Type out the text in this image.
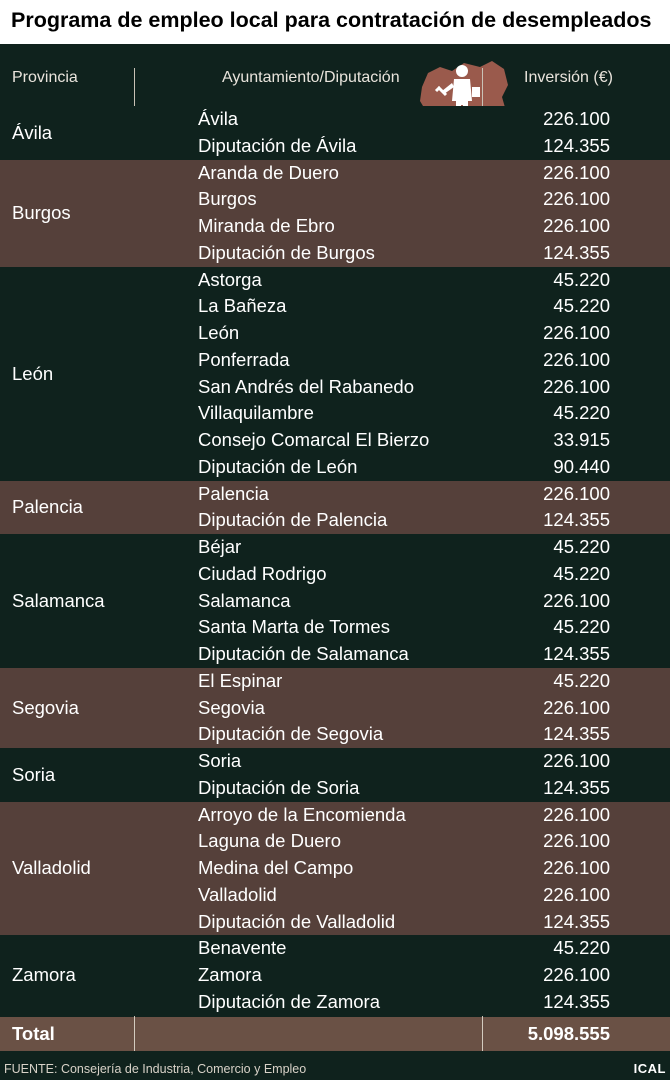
Programa de empleo local para contratación de desempleados
Provincia	Ayuntamiento/Diputación	Inversión (€)
Ávila
Ávila	226.100
Diputación de Ávila	124.355
Burgos
Aranda de Duero	226.100
Burgos	226.100
Miranda de Ebro	226.100
Diputación de Burgos	124.355
León
Astorga	45.220
La Bañeza	45.220
León	226.100
Ponferrada	226.100
San Andrés del Rabanedo	226.100
Villaquilambre	45.220
Consejo Comarcal El Bierzo	33.915
Diputación de León	90.440
Palencia
Palencia	226.100
Diputación de Palencia	124.355
Salamanca
Béjar	45.220
Ciudad Rodrigo	45.220
Salamanca	226.100
Santa Marta de Tormes	45.220
Diputación de Salamanca	124.355
Segovia
El Espinar	45.220
Segovia	226.100
Diputación de Segovia	124.355
Soria
Soria	226.100
Diputación de Soria	124.355
Valladolid
Arroyo de la Encomienda	226.100
Laguna de Duero	226.100
Medina del Campo	226.100
Valladolid	226.100
Diputación de Valladolid	124.355
Zamora
Benavente	45.220
Zamora	226.100
Diputación de Zamora	124.355
Total	5.098.555
FUENTE: Consejería de Industria, Comercio y Empleo	ICAL
